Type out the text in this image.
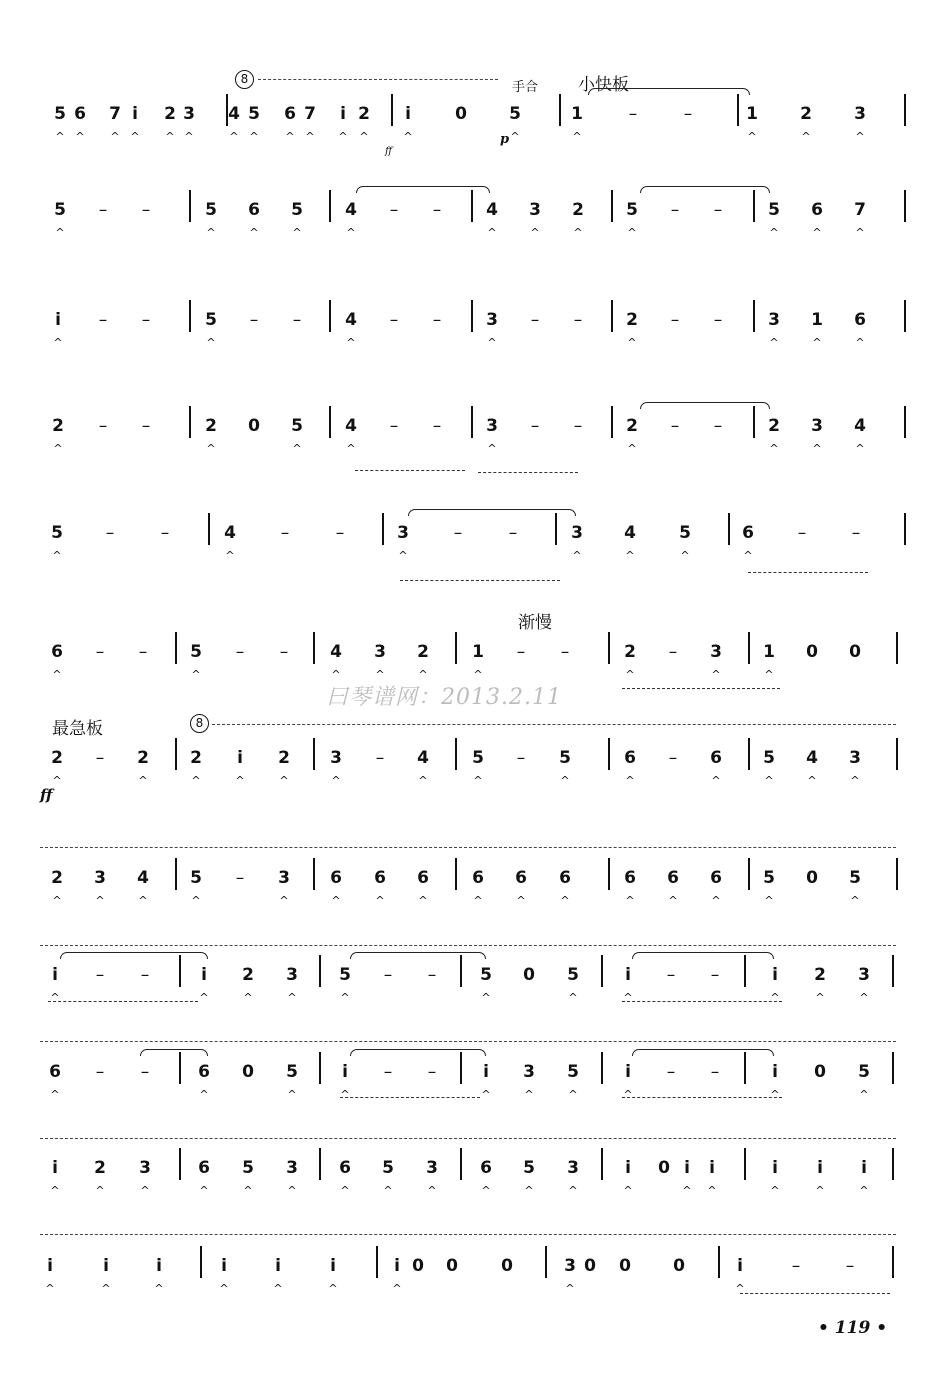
8
手合 小快板
p
ff
渐慢
曰琴谱网：2013.2.11
最急板	8
ff
5
^
6
^
7
^
i
^
2
^
3
^
4
^
5
^
6
^
7
^
i
^
2
^
i
^
0 5
^
1
^
–	–	1
^
2
^
3
^
5
^
– –	5
^
6
^
5
^
4
^
– –	4
^
3
^
2
^
5
^
– –	5
^
6
^
7
^
i
^
– –	5
^
– –	4
^
– –	3
^
– –	2
^
– –	3
^
1
^
6
^
2
^
– –	2
^
0 5
^
4
^
– –	3
^
– –	2
^
– –	2
^
3
^
4
^
5
^
–	–	4
^
–	–	3
^
–	–	3
^
4
^
5
^
6
^
–	–
6
^
– –	5
^
– – 4
^
3
^
2
^
1
^
– –	2
^
– 3
^
1
^
0 0
2
^
– 2
^
2
^
i
^
2
^
3
^
– 4
^
5
^
– 5
^
6
^
– 6
^
5
^
4
^
3
^
2
^
3
^
4
^
5
^
– 3
^
6
^
6
^
6
^
6
^
6
^
6
^
6
^
6
^
6
^
5
^
0 5
^
i
^
– –	i
^
2
^
3
^
5
^
– –	5
^
0 5
^
i
^
– –	i
^
2
^
3
^
6
^
– –	6
^
0 5
^
i
^
– –	i
^
3
^
5
^
i
^
– –	i
^
0 5
^
i
^
2
^
3
^
6
^
5
^
3
^
6
^
5
^
3
^
6
^
5
^
3
^
i
^
0 i
^
i
^
i
^
i
^
i
^
i
^
i
^
i
^
i
^
i
^
i
^
i
^
0 0	0	3
^
0 0 0	i
^
–	–
• 119 •
